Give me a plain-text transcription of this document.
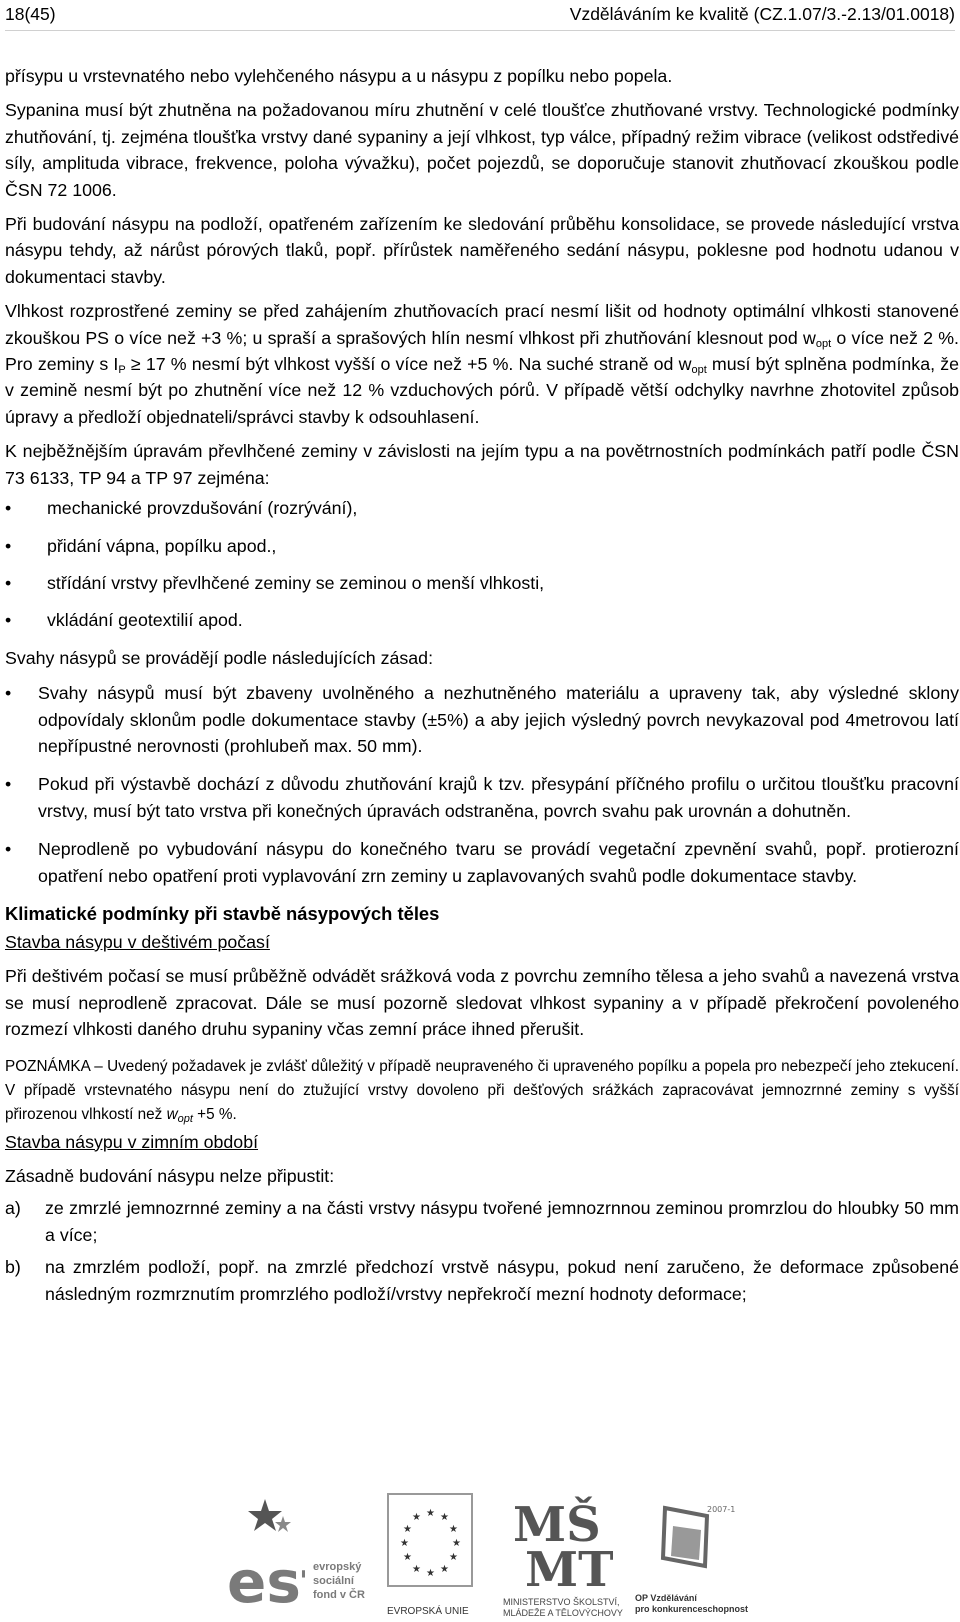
18(45)	Vzděláváním ke kvalitě (CZ.1.07/3.-2.13/01.0018)

přísypu u vrstevnatého nebo vylehčeného násypu a u násypu z popílku nebo popela.

Sypanina musí být zhutněna na požadovanou míru zhutnění v celé tloušťce zhutňované vrstvy. Technologické podmínky zhutňování, tj. zejména tloušťka vrstvy dané sypaniny a její vlhkost, typ válce, případný režim vibrace (velikost odstředivé síly, amplituda vibrace, frekvence, poloha vývažku), počet pojezdů, se doporučuje stanovit zhutňovací zkouškou podle ČSN 72 1006.

Při budování násypu na podloží, opatřeném zařízením ke sledování průběhu konsolidace, se provede následující vrstva násypu tehdy, až nárůst pórových tlaků, popř. přírůstek naměřeného sedání násypu, poklesne pod hodnotu udanou v dokumentaci stavby.

Vlhkost rozprostřené zeminy se před zahájením zhutňovacích prací nesmí lišit od hodnoty optimální vlhkosti stanovené zkouškou PS o více než +3 %; u spraší a sprašových hlín nesmí vlhkost při zhutňování klesnout pod $w_{opt}$ o více než 2 %. Pro zeminy s $I_P \ge 17$ % nesmí být vlhkost vyšší o více než +5 %. Na suché straně od $w_{opt}$ musí být splněna podmínka, že v zemině nesmí být po zhutnění více než 12 % vzduchových pórů. V případě větší odchylky navrhne zhotovitel způsob úpravy a předloží objednateli/správci stavby k odsouhlasení.

K nejběžnějším úpravám převlhčené zeminy v závislosti na jejím typu a na povětrnostních podmínkách patří podle ČSN 73 6133, TP 94 a TP 97 zejména:

• mechanické provzdušování (rozrývání),
• přidání vápna, popílku apod.,
• střídání vrstvy převlhčené zeminy se zeminou o menší vlhkosti,
• vkládání geotextilií apod.

Svahy násypů se provádějí podle následujících zásad:

• Svahy násypů musí být zbaveny uvolněného a nezhutněného materiálu a upraveny tak, aby výsledné sklony odpovídaly sklonům podle dokumentace stavby (±5%) a aby jejich výsledný povrch nevykazoval pod 4metrovou latí nepřípustné nerovnosti (prohlubeň max. 50 mm).
• Pokud při výstavbě dochází z důvodu zhutňování krajů k tzv. přesypání příčného profilu o určitou tloušťku pracovní vrstvy, musí být tato vrstva při konečných úpravách odstraněna, povrch svahu pak urovnán a dohutněn.
• Neprodleně po vybudování násypu do konečného tvaru se provádí vegetační zpevnění svahů, popř. protierozní opatření nebo opatření proti vyplavování zrn zeminy u zaplavovaných svahů podle dokumentace stavby.
Klimatické podmínky při stavbě násypových těles
Stavba násypu v deštivém počasí

Při deštivém počasí se musí průběžně odvádět srážková voda z povrchu zemního tělesa a jeho svahů a navezená vrstva se musí neprodleně zpracovat. Dále se musí pozorně sledovat vlhkost sypaniny a v případě překročení povoleného rozmezí vlhkosti daného druhu sypaniny včas zemní práce ihned přerušit.

POZNÁMKA – Uvedený požadavek je zvlášť důležitý v případě neupraveného či upraveného popílku a popela pro nebezpečí jeho ztekucení. V případě vrstevnatého násypu není do ztužující vrstvy dovoleno při dešťových srážkách zapracovávat jemnozrnné zeminy s vyšší přirozenou vlhkostí než $w_{opt} +5$ %.
Stavba násypu v zimním období

Zásadně budování násypu nelze připustit:

a) ze zmrzlé jemnozrnné zeminy a na části vrstvy násypu tvořené jemnozrnnou zeminou promrzlou do hloubky 50 mm a více;
b) na zmrzlém podloží, popř. na zmrzlé předchozí vrstvě násypu, pokud není zaručeno, že deformace způsobené následným rozmrznutím promrzlého podloží/vrstvy nepřekročí mezní hodnoty deformace;
es	evropský
sociální
fond v ČR
★ ★
★
★
★
★
★
★
★
★
★
★
EVROPSKÁ UNIE
MŠ
MT
MINISTERSTVO ŠKOLSTVÍ,
MLÁDEŽE A TĚLOVÝCHOVY
2007-1
OP Vzdělávání
pro konkurenceschopnost
